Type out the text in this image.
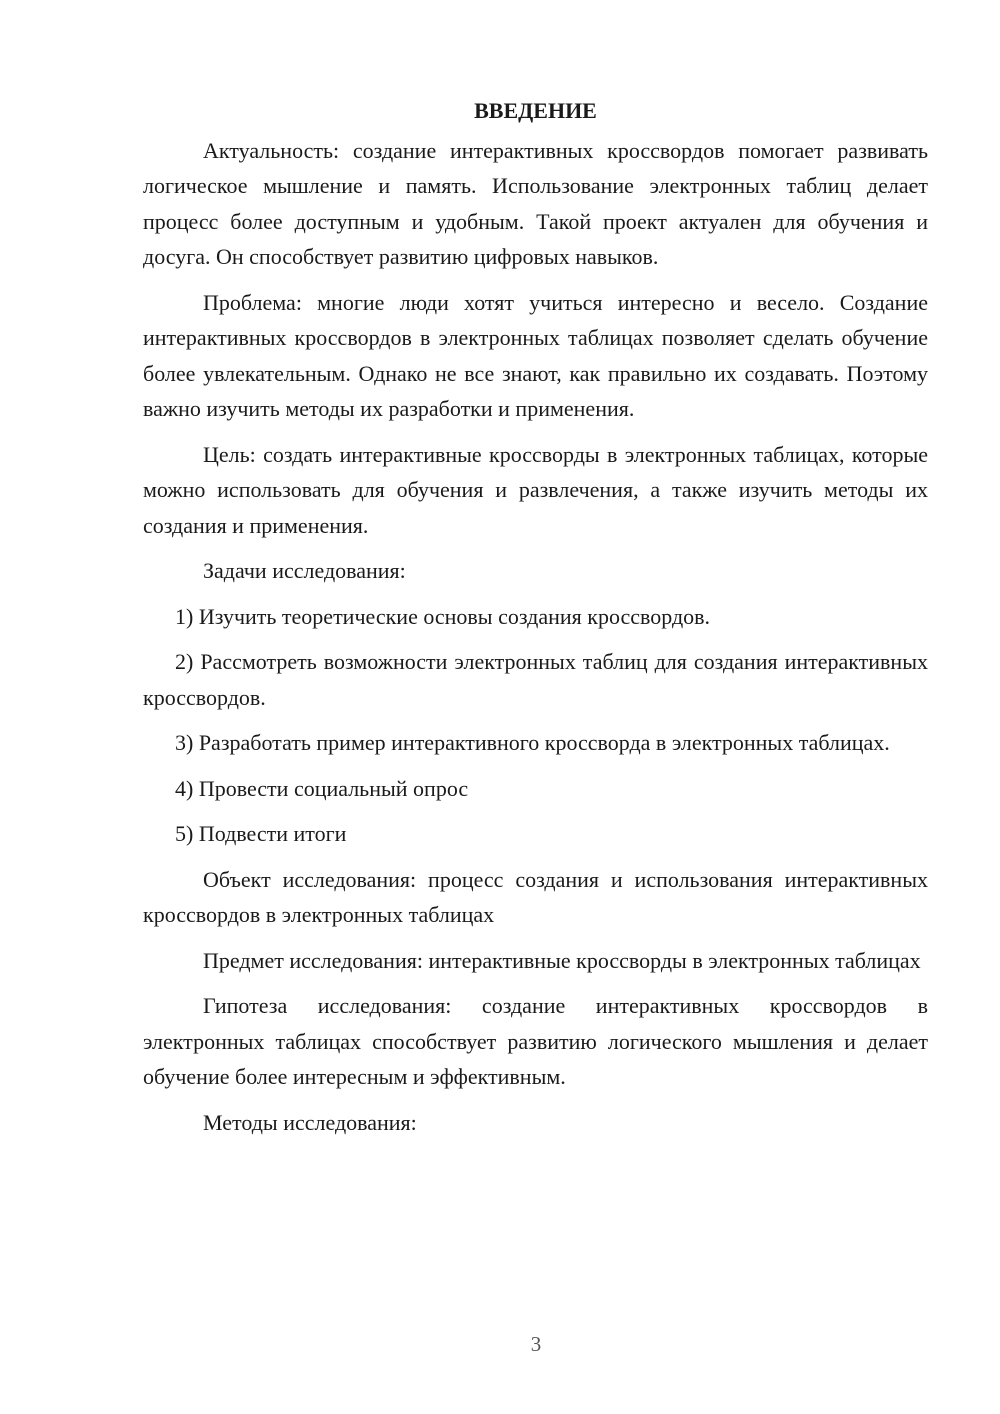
ВВЕДЕНИЕ

Актуальность: создание интерактивных кроссвордов помогает развивать логическое мышление и память. Использование электронных таблиц делает процесс более доступным и удобным. Такой проект актуален для обучения и досуга. Он способствует развитию цифровых навыков.

Проблема: многие люди хотят учиться интересно и весело. Создание интерактивных кроссвордов в электронных таблицах позволяет сделать обучение более увлекательным. Однако не все знают, как правильно их создавать. Поэтому важно изучить методы их разработки и применения.

Цель: создать интерактивные кроссворды в электронных таблицах, которые можно использовать для обучения и развлечения, а также изучить методы их создания и применения.

Задачи исследования:

1) Изучить теоретические основы создания кроссвордов.

2) Рассмотреть возможности электронных таблиц для создания интерактивных кроссвордов.

3) Разработать пример интерактивного кроссворда в электронных таблицах.

4) Провести социальный опрос

5) Подвести итоги

Объект исследования: процесс создания и использования интерактивных кроссвордов в электронных таблицах

Предмет исследования: интерактивные кроссворды в электронных таблицах

Гипотеза исследования: создание интерактивных кроссвордов в электронных таблицах способствует развитию логического мышления и делает обучение более интересным и эффективным.

Методы исследования:

3
